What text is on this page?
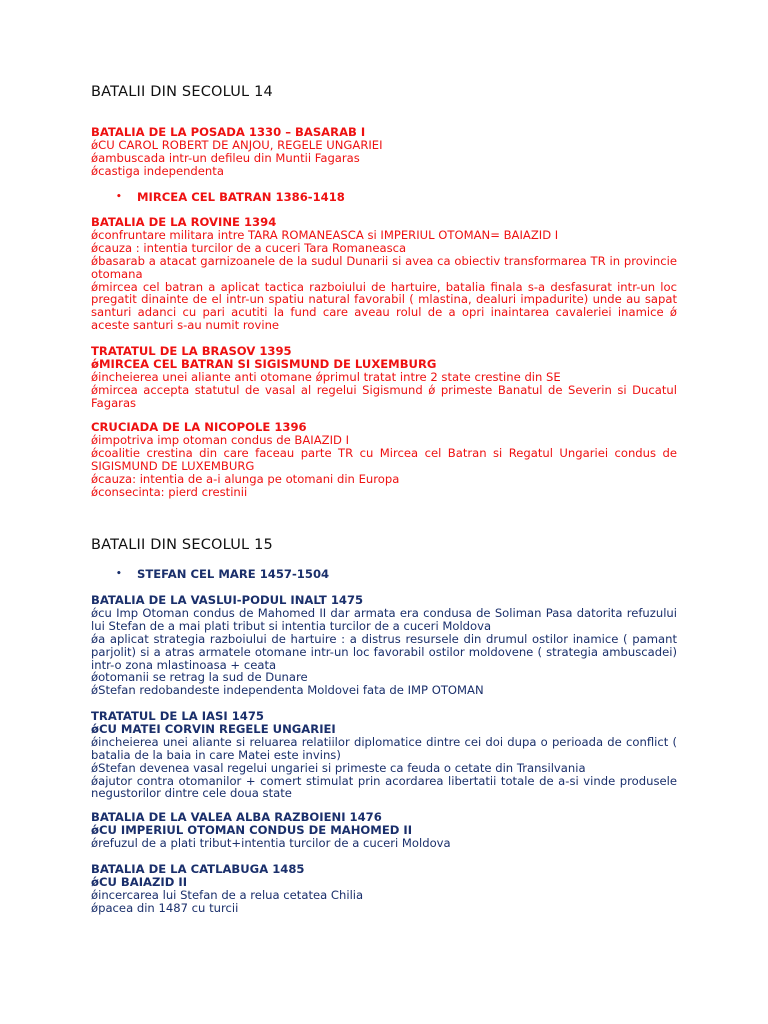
BATALII DIN SECOLUL 14
BATALIA DE LA POSADA 1330 – BASARAB I
ǿCU CAROL ROBERT DE ANJOU, REGELE UNGARIEI
ǿambuscada intr-un defileu din Muntii Fagaras
ǿcastiga independenta
• MIRCEA CEL BATRAN 1386-1418
BATALIA DE LA ROVINE 1394
ǿconfruntare militara intre TARA ROMANEASCA si IMPERIUL OTOMAN= BAIAZID I
ǿcauza : intentia turcilor de a cuceri Tara Romaneasca
ǿbasarab a atacat garnizoanele de la sudul Dunarii si avea ca obiectiv transformarea TR in provincie otomana
ǿmircea cel batran a aplicat tactica razboiului de hartuire, batalia finala s-a desfasurat intr-un loc pregatit dinainte de el intr-un spatiu natural favorabil ( mlastina, dealuri impadurite) unde au sapat santuri adanci cu pari acutiti la fund care aveau rolul de a opri inaintarea cavaleriei inamice ǿ aceste santuri s-au numit rovine
TRATATUL DE LA BRASOV 1395
ǿMIRCEA CEL BATRAN SI SIGISMUND DE LUXEMBURG
ǿincheierea unei aliante anti otomane ǿprimul tratat intre 2 state crestine din SE
ǿmircea accepta statutul de vasal al regelui Sigismund ǿ primeste Banatul de Severin si Ducatul Fagaras
CRUCIADA DE LA NICOPOLE 1396
ǿimpotriva imp otoman condus de BAIAZID I
ǿcoalitie crestina din care faceau parte TR cu Mircea cel Batran si Regatul Ungariei condus de SIGISMUND DE LUXEMBURG
ǿcauza: intentia de a-i alunga pe otomani din Europa
ǿconsecinta: pierd crestinii
BATALII DIN SECOLUL 15
• STEFAN CEL MARE 1457-1504
BATALIA DE LA VASLUI-PODUL INALT 1475
ǿcu Imp Otoman condus de Mahomed II dar armata era condusa de Soliman Pasa datorita refuzului lui Stefan de a mai plati tribut si intentia turcilor de a cuceri Moldova
ǿa aplicat strategia razboiului de hartuire : a distrus resursele din drumul ostilor inamice ( pamant parjolit) si a atras armatele otomane intr-un loc favorabil ostilor moldovene ( strategia ambuscadei) intr-o zona mlastinoasa + ceata
ǿotomanii se retrag la sud de Dunare
ǿStefan redobandeste independenta Moldovei fata de IMP OTOMAN
TRATATUL DE LA IASI 1475
ǿCU MATEI CORVIN REGELE UNGARIEI
ǿincheierea unei aliante si reluarea relatiilor diplomatice dintre cei doi dupa o perioada de conflict ( batalia de la baia in care Matei este invins)
ǿStefan devenea vasal regelui ungariei si primeste ca feuda o cetate din Transilvania
ǿajutor contra otomanilor + comert stimulat prin acordarea libertatii totale de a-si vinde produsele negustorilor dintre cele doua state
BATALIA DE LA VALEA ALBA RAZBOIENI 1476
ǿCU IMPERIUL OTOMAN CONDUS DE MAHOMED II
ǿrefuzul de a plati tribut+intentia turcilor de a cuceri Moldova
BATALIA DE LA CATLABUGA 1485
ǿCU BAIAZID II
ǿincercarea lui Stefan de a relua cetatea Chilia
ǿpacea din 1487 cu turcii
